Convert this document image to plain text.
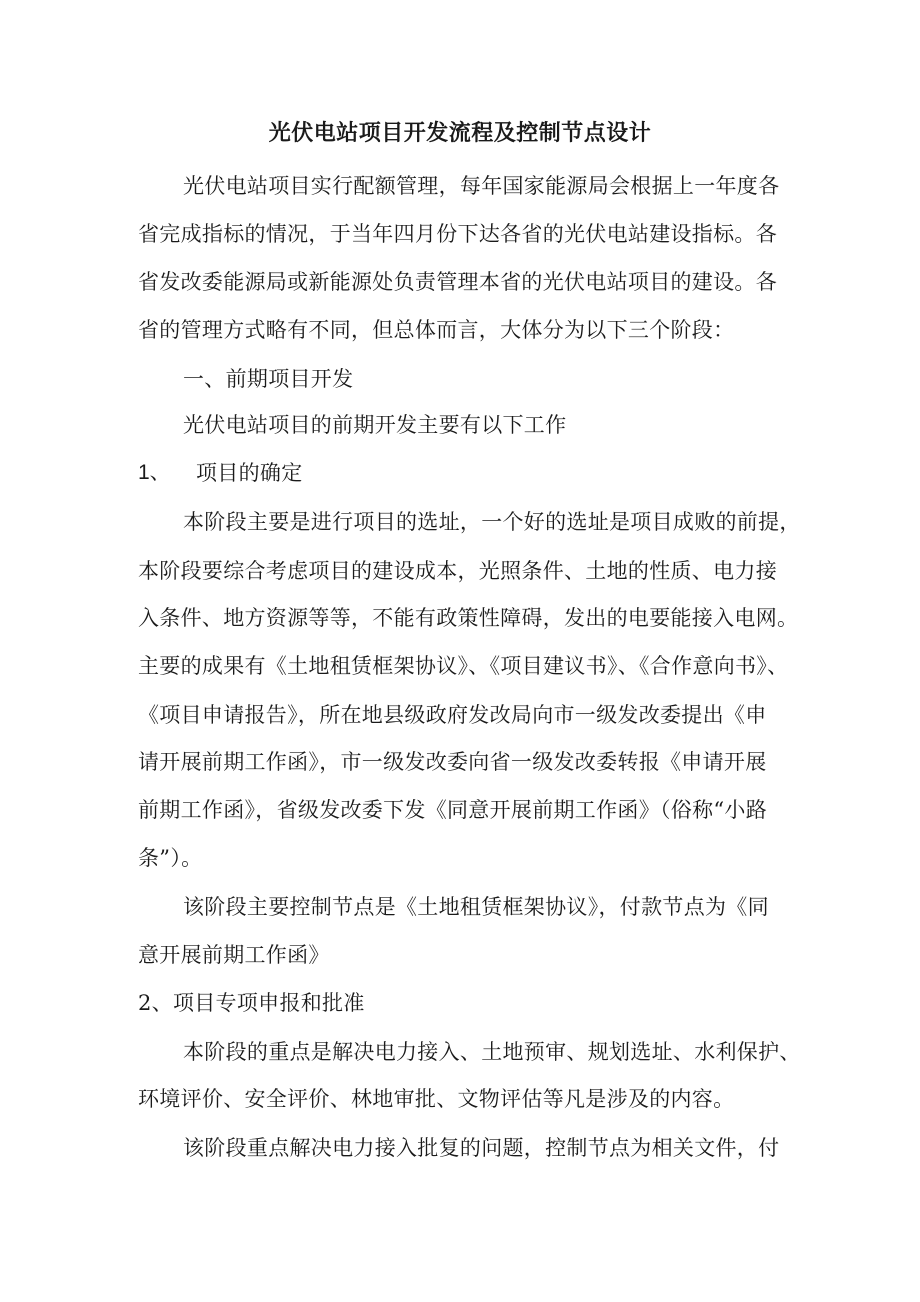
光伏电站项目开发流程及控制节点设计
光伏电站项目实行配额管理，每年国家能源局会根据上一年度各
省完成指标的情况，于当年四月份下达各省的光伏电站建设指标。各
省发改委能源局或新能源处负责管理本省的光伏电站项目的建设。各
省的管理方式略有不同，但总体而言，大体分为以下三个阶段：
一、前期项目开发
光伏电站项目的前期开发主要有以下工作
1、 项目的确定
本阶段主要是进行项目的选址，一个好的选址是项目成败的前提，
本阶段要综合考虑项目的建设成本，光照条件、土地的性质、电力接
入条件、地方资源等等，不能有政策性障碍，发出的电要能接入电网。
主要的成果有《土地租赁框架协议》、《项目建议书》、《合作意向书》、
《项目申请报告》，所在地县级政府发改局向市一级发改委提出《申
请开展前期工作函》，市一级发改委向省一级发改委转报《申请开展
前期工作函》，省级发改委下发《同意开展前期工作函》（俗称“小路
条”）。
该阶段主要控制节点是《土地租赁框架协议》，付款节点为《同
意开展前期工作函》
2、项目专项申报和批准
本阶段的重点是解决电力接入、土地预审、规划选址、水利保护、
环境评价、安全评价、林地审批、文物评估等凡是涉及的内容。
该阶段重点解决电力接入批复的问题，控制节点为相关文件，付
